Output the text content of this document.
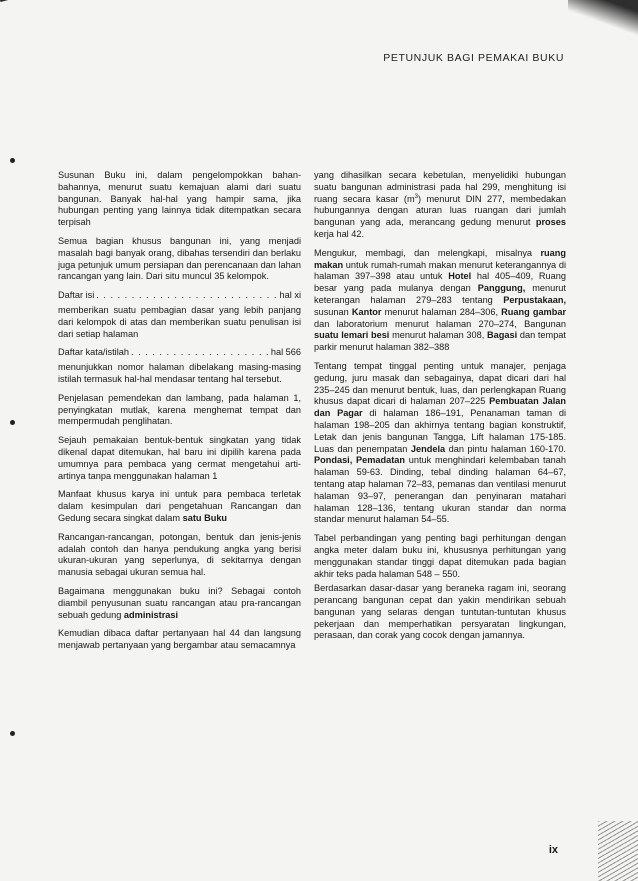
PETUNJUK BAGI PEMAKAI BUKU

Susunan Buku ini, dalam pengelompokkan bahan-bahannya, menurut suatu kemajuan alami dari suatu bangunan. Banyak hal-hal yang hampir sama, jika hubungan penting yang lainnya tidak ditempatkan secara terpisah

Semua bagian khusus bangunan ini, yang menjadi masalah bagi banyak orang, dibahas tersendiri dan berlaku juga petunjuk umum persiapan dan perencanaan dan lahan rancangan yang lain. Dari situ muncul 35 kelompok.

Daftar isi . . .	hal xi

memberikan suatu pembagian dasar yang lebih panjang dari kelompok di atas dan memberikan suatu penulisan isi dari setiap halaman

Daftar kata/istilah . . .	hal 566

menunjukkan nomor halaman dibelakang masing-masing istilah termasuk hal-hal mendasar tentang hal tersebut.

Penjelasan pemendekan dan lambang, pada halaman 1, penyingkatan mutlak, karena menghemat tempat dan mempermudah penglihatan.

Sejauh pemakaian bentuk-bentuk singkatan yang tidak dikenal dapat ditemukan, hal baru ini dipilih karena pada umumnya para pembaca yang cermat mengetahui arti-artinya tanpa menggunakan halaman 1

Manfaat khusus karya ini untuk para pembaca terletak dalam kesimpulan dari pengetahuan Rancangan dan Gedung secara singkat dalam satu Buku

Rancangan-rancangan, potongan, bentuk dan jenis-jenis adalah contoh dan hanya pendukung angka yang berisi ukuran-ukuran yang seperlunya, di sekitarnya dengan manusia sebagai ukuran semua hal.

Bagaimana menggunakan buku ini? Sebagai contoh diambil penyusunan suatu rancangan atau pra-rancangan sebuah gedung administrasi

Kemudian dibaca daftar pertanyaan hal 44 dan langsung menjawab pertanyaan yang bergambar atau semacamnya

yang dihasilkan secara kebetulan, menyelidiki hubungan suatu bangunan administrasi pada hal 299, menghitung isi ruang secara kasar $(m^3)$ menurut DIN 277, membedakan hubungannya dengan aturan luas ruangan dari jumlah bangunan yang ada, merancang gedung menurut proses kerja hal 42.

Mengukur, membagi, dan melengkapi, misalnya ruang makan untuk rumah-rumah makan menurut keterangannya di halaman 397–398 atau untuk Hotel hal 405–409, Ruang besar yang pada mulanya dengan Panggung, menurut keterangan halaman 279–283 tentang Perpustakaan, susunan Kantor menurut halaman 284–306, Ruang gambar dan laboratorium menurut halaman 270–274, Bangunan suatu lemari besi menurut halaman 308, Bagasi dan tempat parkir menurut halaman 382–388

Tentang tempat tinggal penting untuk manajer, penjaga gedung, juru masak dan sebagainya, dapat dicari dari hal 235–245 dan menurut bentuk, luas, dan perlengkapan Ruang khusus dapat dicari di halaman 207–225 Pembuatan Jalan dan Pagar di halaman 186–191, Penanaman taman di halaman 198–205 dan akhirnya tentang bagian konstruktif, Letak dan jenis bangunan Tangga, Lift halaman 175-185. Luas dan penempatan Jendela dan pintu halaman 160-170. Pondasi, Pemadatan untuk menghindari kelembaban tanah halaman 59-63. Dinding, tebal dinding halaman 64–67, tentang atap halaman 72–83, pemanas dan ventilasi menurut halaman 93–97, penerangan dan penyinaran matahari halaman 128–136, tentang ukuran standar dan norma standar menurut halaman 54–55.

Tabel perbandingan yang penting bagi perhitungan dengan angka meter dalam buku ini, khususnya perhitungan yang menggunakan standar tinggi dapat ditemukan pada bagian akhir teks pada halaman 548 – 550.

Berdasarkan dasar-dasar yang beraneka ragam ini, seorang perancang bangunan cepat dan yakin mendirikan sebuah bangunan yang selaras dengan tuntutan-tuntutan khusus pekerjaan dan memperhatikan persyaratan lingkungan, perasaan, dan corak yang cocok dengan jamannya.

ix
